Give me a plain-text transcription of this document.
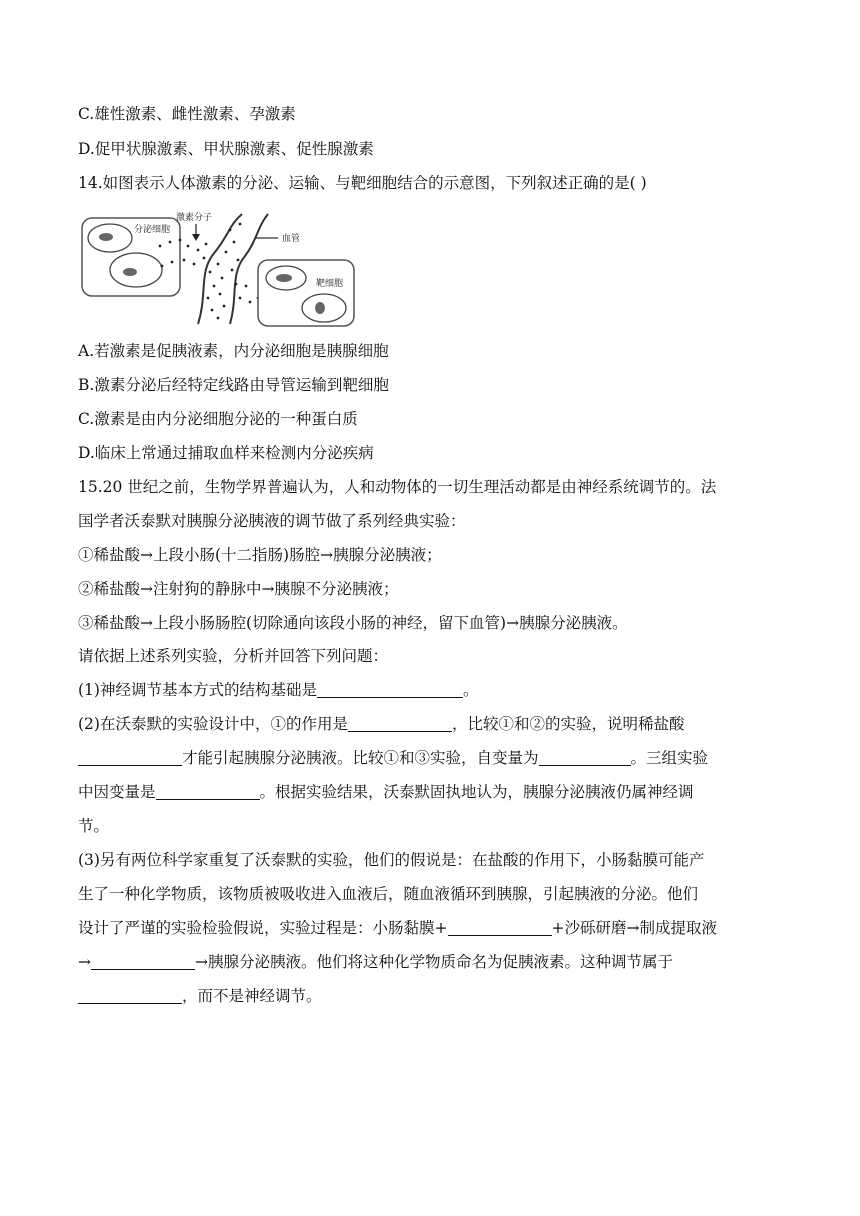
C.雄性激素、雌性激素、孕激素
D.促甲状腺激素、甲状腺激素、促性腺激素
14.如图表示人体激素的分泌、运输、与靶细胞结合的示意图，下列叙述正确的是( )
分泌细胞
血管
激素分子
靶细胞
A.若激素是促胰液素，内分泌细胞是胰腺细胞
B.激素分泌后经特定线路由导管运输到靶细胞
C.激素是由内分泌细胞分泌的一种蛋白质
D.临床上常通过捕取血样来检测内分泌疾病
15.20 世纪之前，生物学界普遍认为，人和动物体的一切生理活动都是由神经系统调节的。法
国学者沃泰默对胰腺分泌胰液的调节做了系列经典实验：
①稀盐酸→上段小肠(十二指肠)肠腔→胰腺分泌胰液；
②稀盐酸→注射狗的静脉中→胰腺不分泌胰液；
③稀盐酸→上段小肠肠腔(切除通向该段小肠的神经，留下血管)→胰腺分泌胰液。
请依据上述系列实验，分析并回答下列问题：
(1)神经调节基本方式的结构基础是	。
(2)在沃泰默的实验设计中，①的作用是	，比较①和②的实验，说明稀盐酸
才能引起胰腺分泌胰液。比较①和③实验，自变量为	。三组实验
中因变量是	。根据实验结果，沃泰默固执地认为，胰腺分泌胰液仍属神经调
节。
(3)另有两位科学家重复了沃泰默的实验，他们的假说是：在盐酸的作用下，小肠黏膜可能产
生了一种化学物质，该物质被吸收进入血液后，随血液循环到胰腺，引起胰液的分泌。他们
设计了严谨的实验检验假说，实验过程是：小肠黏膜+	+沙砾研磨→制成提取液
→	→胰腺分泌胰液。他们将这种化学物质命名为促胰液素。这种调节属于
，而不是神经调节。
